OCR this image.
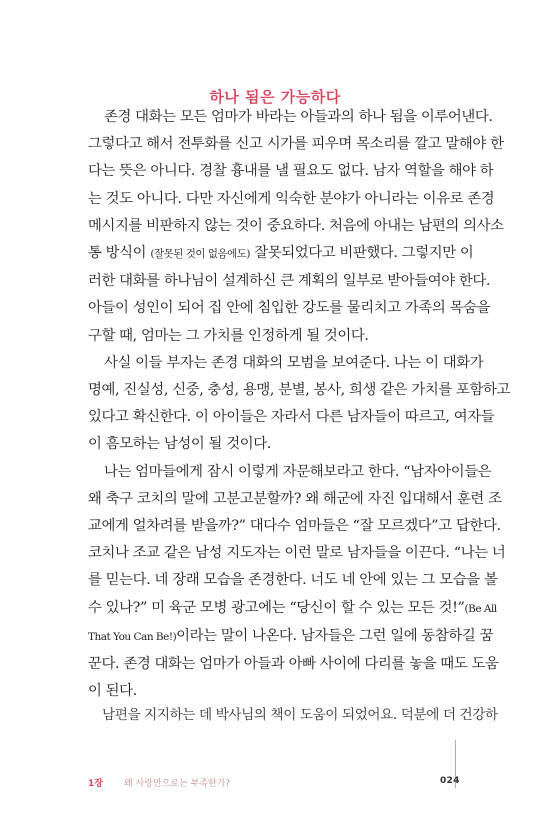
하나 됨은 가능하다
존경 대화는 모든 엄마가 바라는 아들과의 하나 됨을 이루어낸다.
그렇다고 해서 전투화를 신고 시가를 피우며 목소리를 깔고 말해야 한
다는 뜻은 아니다. 경찰 흉내를 낼 필요도 없다. 남자 역할을 해야 하
는 것도 아니다. 다만 자신에게 익숙한 분야가 아니라는 이유로 존경
메시지를 비판하지 않는 것이 중요하다. 처음에 아내는 남편의 의사소
통 방식이 (잘못된 것이 없음에도) 잘못되었다고 비판했다. 그렇지만 이
러한 대화를 하나님이 설계하신 큰 계획의 일부로 받아들여야 한다.
아들이 성인이 되어 집 안에 침입한 강도를 물리치고 가족의 목숨을
구할 때, 엄마는 그 가치를 인정하게 될 것이다.
사실 이들 부자는 존경 대화의 모범을 보여준다. 나는 이 대화가
명예, 진실성, 신중, 충성, 용맹, 분별, 봉사, 희생 같은 가치를 포함하고
있다고 확신한다. 이 아이들은 자라서 다른 남자들이 따르고, 여자들
이 흠모하는 남성이 될 것이다.
나는 엄마들에게 잠시 이렇게 자문해보라고 한다. “남자아이들은
왜 축구 코치의 말에 고분고분할까? 왜 해군에 자진 입대해서 훈련 조
교에게 얼차려를 받을까?” 대다수 엄마들은 “잘 모르겠다”고 답한다.
코치나 조교 같은 남성 지도자는 이런 말로 남자들을 이끈다. “나는 너
를 믿는다. 네 장래 모습을 존경한다. 너도 네 안에 있는 그 모습을 볼
수 있나?” 미 육군 모병 광고에는 “당신이 할 수 있는 모든 것!”(Be All
That You Can Be!)이라는 말이 나온다. 남자들은 그런 일에 동참하길 꿈
꾼다. 존경 대화는 엄마가 아들과 아빠 사이에 다리를 놓을 때도 도움
이 된다.
남편을 지지하는 데 박사님의 책이 도움이 되었어요. 덕분에 더 건강하
1장 왜 사랑만으로는 부족한가?	024
